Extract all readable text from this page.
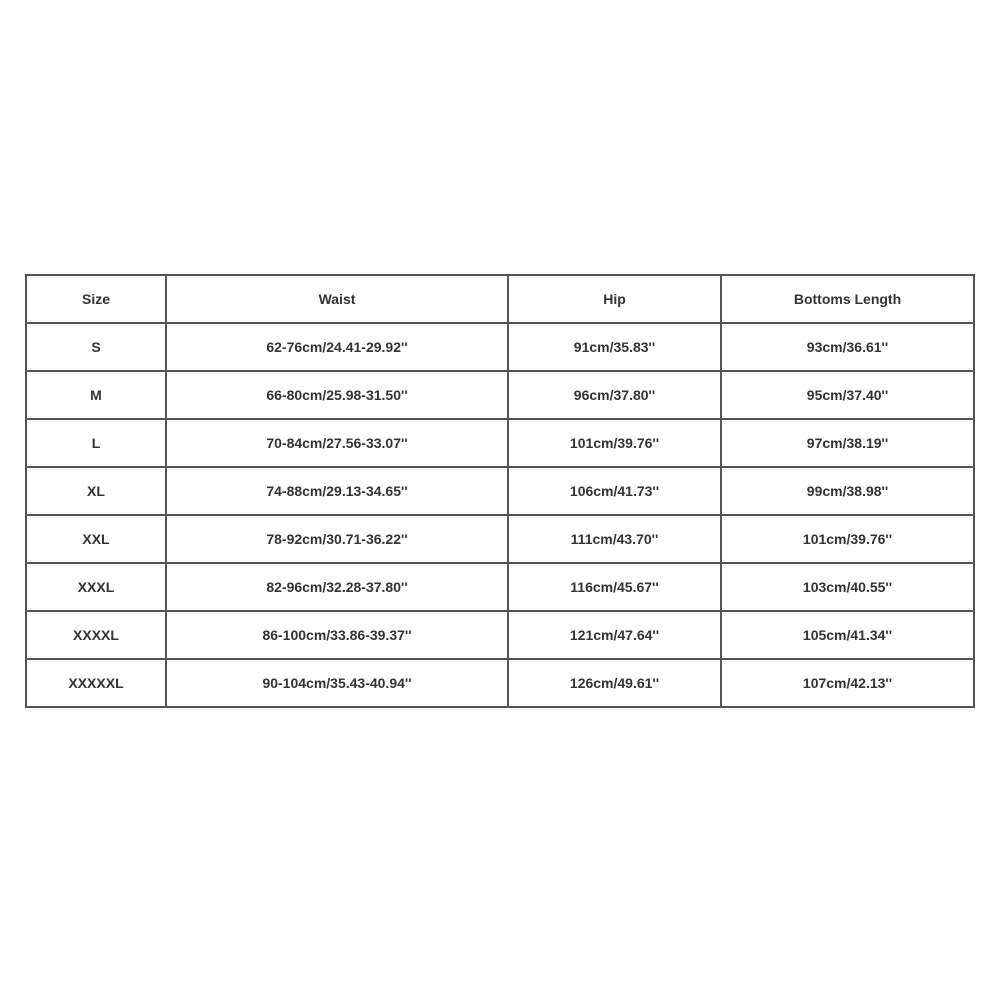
Size	Waist	Hip	Bottoms Length
S	62-76cm/24.41-29.92''	91cm/35.83''	93cm/36.61''
M	66-80cm/25.98-31.50''	96cm/37.80''	95cm/37.40''
L	70-84cm/27.56-33.07''	101cm/39.76''	97cm/38.19''
XL	74-88cm/29.13-34.65''	106cm/41.73''	99cm/38.98''
XXL	78-92cm/30.71-36.22''	111cm/43.70''	101cm/39.76''
XXXL	82-96cm/32.28-37.80''	116cm/45.67''	103cm/40.55''
XXXXL	86-100cm/33.86-39.37''	121cm/47.64''	105cm/41.34''
XXXXXL	90-104cm/35.43-40.94''	126cm/49.61''	107cm/42.13''
